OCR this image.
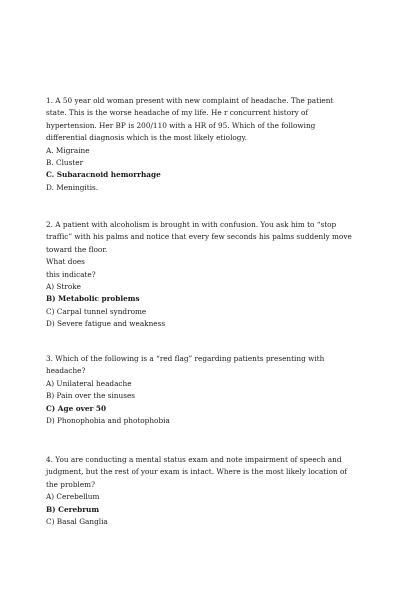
1. A 50 year old woman present with new complaint of headache. The patient state. This is the worse headache of my life. He r concurrent history of hypertension. Her BP is 200/110 with a HR of 95. Which of the following differential diagnosis which is the most likely etiology.

A. Migraine

B. Cluster

C. Subaracnoid hemorrhage

D. Meningitis.

2. A patient with alcoholism is brought in with confusion. You ask him to “stop traffic” with his palms and notice that every few seconds his palms suddenly move toward the floor.

What does

this indicate?

A) Stroke

B) Metabolic problems

C) Carpal tunnel syndrome

D) Severe fatigue and weakness

3. Which of the following is a “red flag” regarding patients presenting with headache?

A) Unilateral headache

B) Pain over the sinuses

C) Age over 50

D) Phonophobia and photophobia

4. You are conducting a mental status exam and note impairment of speech and judgment, but the rest of your exam is intact. Where is the most likely location of the problem?

A) Cerebellum

B) Cerebrum

C) Basal Ganglia
